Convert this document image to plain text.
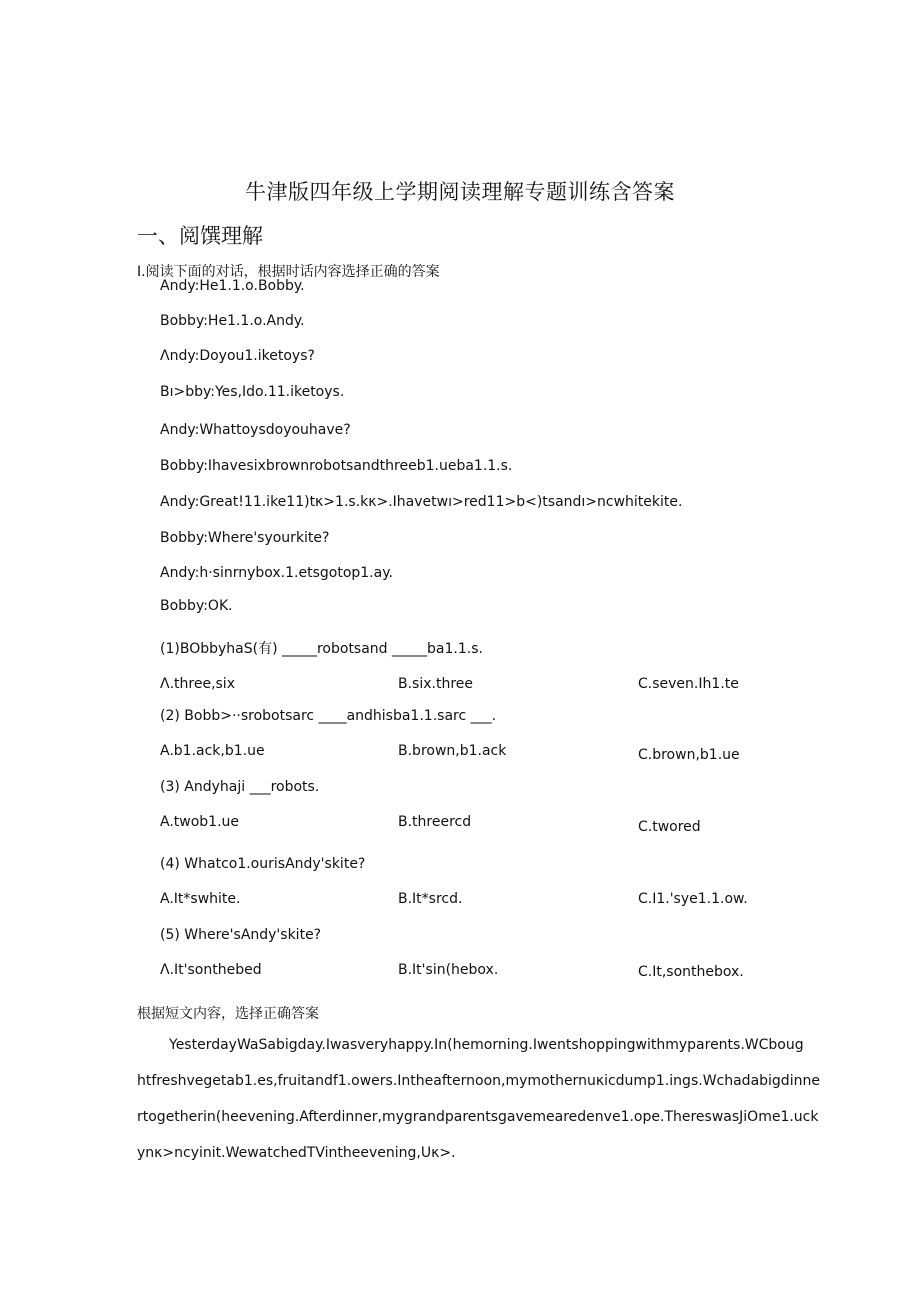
牛津版四年级上学期阅读理解专题训练含答案
一、阅馔理解
I.阅读下面的对话，根据时话内容选择正确的答案
Andy:He1.1.o.Bobby.
Bobby:He1.1.o.Andy.
Λndy:Doyou1.iketoys?
Bı>bby:Yes,Ido.11.iketoys.
Andy:Whattoysdoyouhave?
Bobby:Ihavesixbrownrobotsandthreeb1.ueba1.1.s.
Andy:Great!11.ike11)tκ>1.s.kκ>.Ihavetwı>red11>b<)tsandı>ncwhitekite.
Bobby:Where'syourkite?
Andy:h·sinrnybox.1.etsgotop1.ay.
Bobby:OK.
(1)BObbyhaS(有) _____robotsand _____ba1.1.s.
Λ.three,six	B.six.three	C.seven.Ih1.te
(2) Bobb>··srobotsarc ____andhisba1.1.sarc ___.
A.b1.ack,b1.ue	B.brown,b1.ack	C.brown,b1.ue
(3) Andyhaji ___robots.
A.twob1.ue	B.threercd	C.twored
(4) Whatco1.ourisAndy'skite?
A.It*swhite.	B.It*srcd.	C.I1.'sye1.1.ow.
(5) Where'sAndy'skite?
Λ.It'sonthebed	B.It'sin(hebox.	C.It,sonthebox.
根据短文内容，选择正确答案
YesterdayWaSabigday.Iwasveryhappy.In(hemorning.Iwentshoppingwithmyparents.WCboug
htfreshvegetab1.es,fruitandf1.owers.Intheafternoon,mymothernuκicdump1.ings.Wchadabigdinne
rtogetherin(heevening.Afterdinner,mygrandparentsgavemearedenve1.ope.ThereswasJiOme1.uck
ynκ>ncyinit.WewatchedTVintheevening,Uκ>.
